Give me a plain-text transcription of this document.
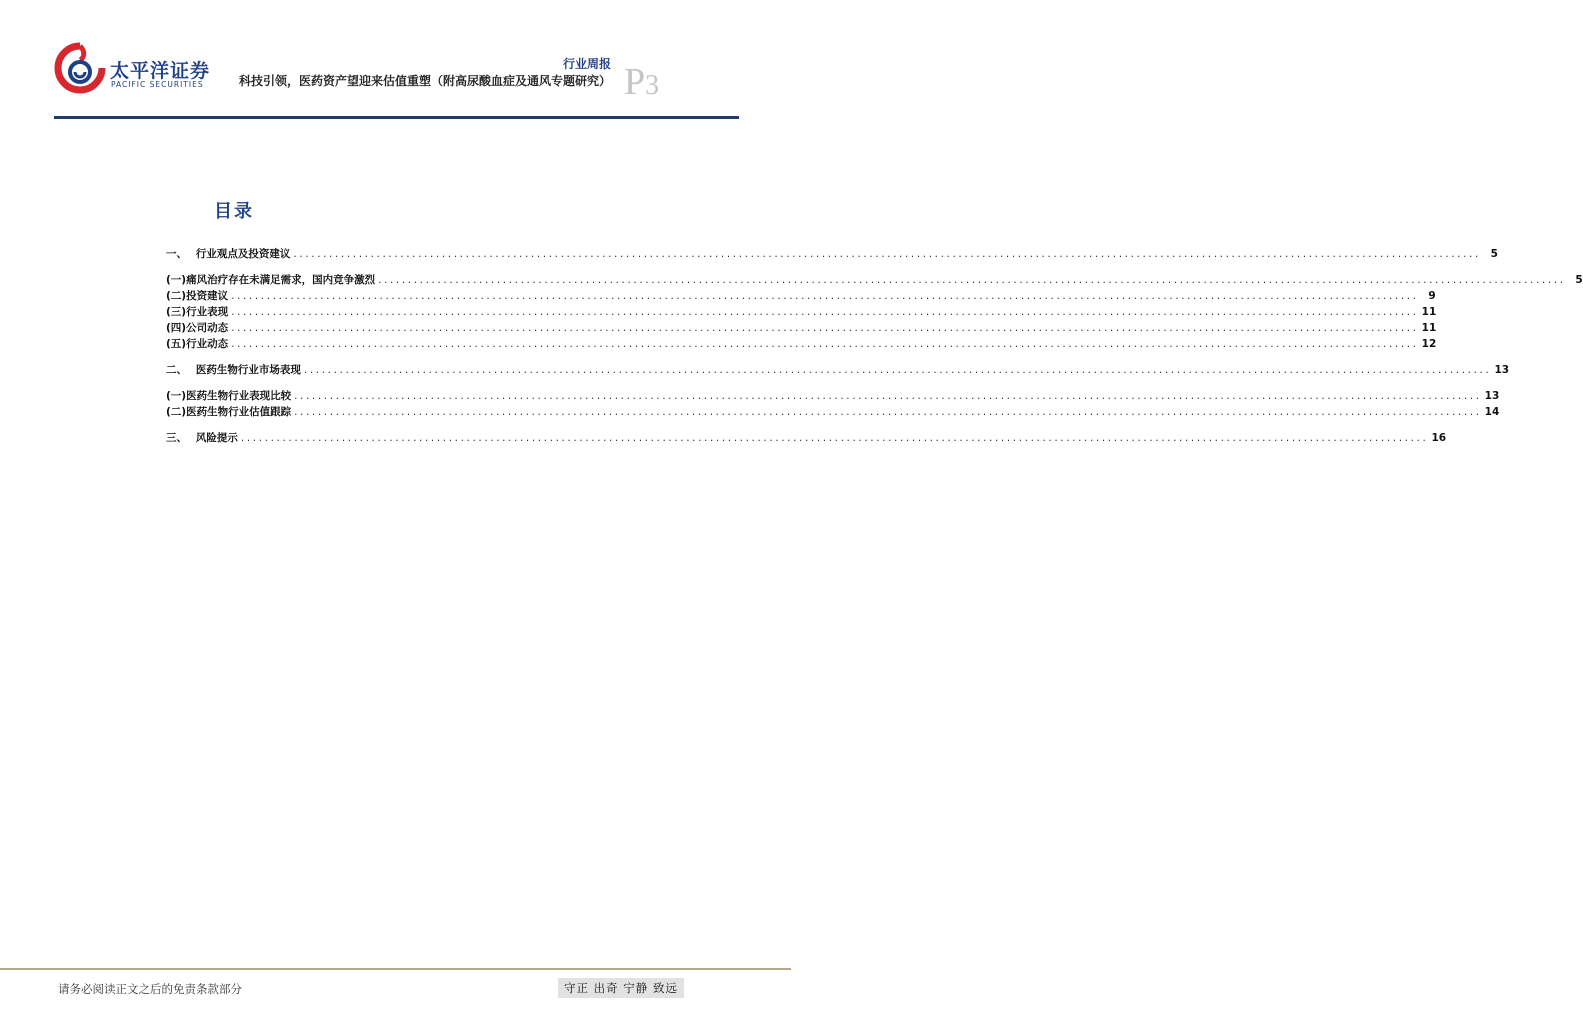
太平洋证券
PACIFIC SECURITIES
行业周报
科技引领，医药资产望迎来估值重塑（附高尿酸血症及通风专题研究） P3
目录
一、　 行业观点及投资建议 ........................................................................................................................................................................................................ 5
(一) 痛风治疗存在未满足需求，国内竞争激烈 ........................................................................................................................................................................................................ 5
(二) 投资建议 ........................................................................................................................................................................................................ 9
(三) 行业表现 ........................................................................................................................................................................................................ 11
(四) 公司动态 ........................................................................................................................................................................................................ 11
(五) 行业动态 ........................................................................................................................................................................................................ 12
二、　 医药生物行业市场表现 ........................................................................................................................................................................................................ 13
(一) 医药生物行业表现比较 ........................................................................................................................................................................................................ 13
(二) 医药生物行业估值跟踪 ........................................................................................................................................................................................................ 14
三、　 风险提示 ........................................................................................................................................................................................................ 16
请务必阅读正文之后的免责条款部分	守正 出奇 宁静 致远
